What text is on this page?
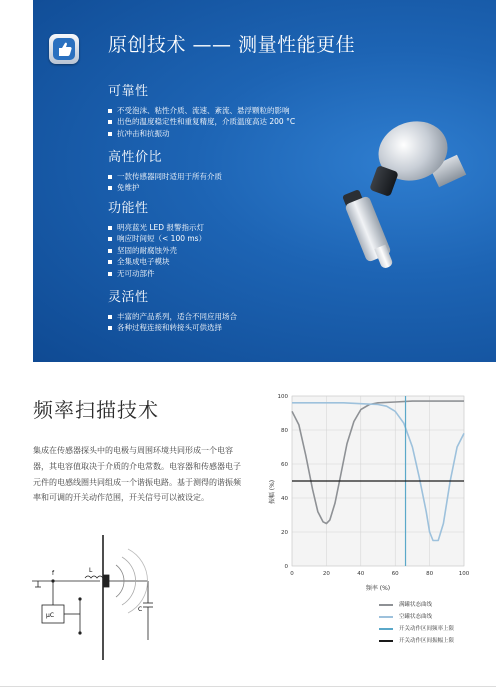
原创技术 —— 测量性能更佳
可靠性
不受泡沫、粘性介质、流速、紊流、悬浮颗粒的影响
出色的温度稳定性和重复精度，介质温度高达 200 °C
抗冲击和抗振动
高性价比
一款传感器同时适用于所有介质
免维护
功能性
明亮蓝光 LED 报警指示灯
响应时间短（< 100 ms）
坚固的耐腐蚀外壳
全集成电子模块
无可动部件
灵活性
丰富的产品系列，适合不同应用场合
各种过程连接和转接头可供选择
频率扫描技术
集成在传感器探头中的电极与周围环境共同形成一个电容器，其电容值取决于介质的介电常数。电容器和传感器电子元件的电感线圈共同组成一个谐振电路。基于测得的谐振频率和可调的开关动作范围，开关信号可以被设定。
f	L
µC
C
0	20	40	60	80	100
0
20
40
60
80
100
振幅 (%)
频率 (%)
满罐状态曲线
空罐状态曲线
开关动作区间频率上限
开关动作区间振幅上限
